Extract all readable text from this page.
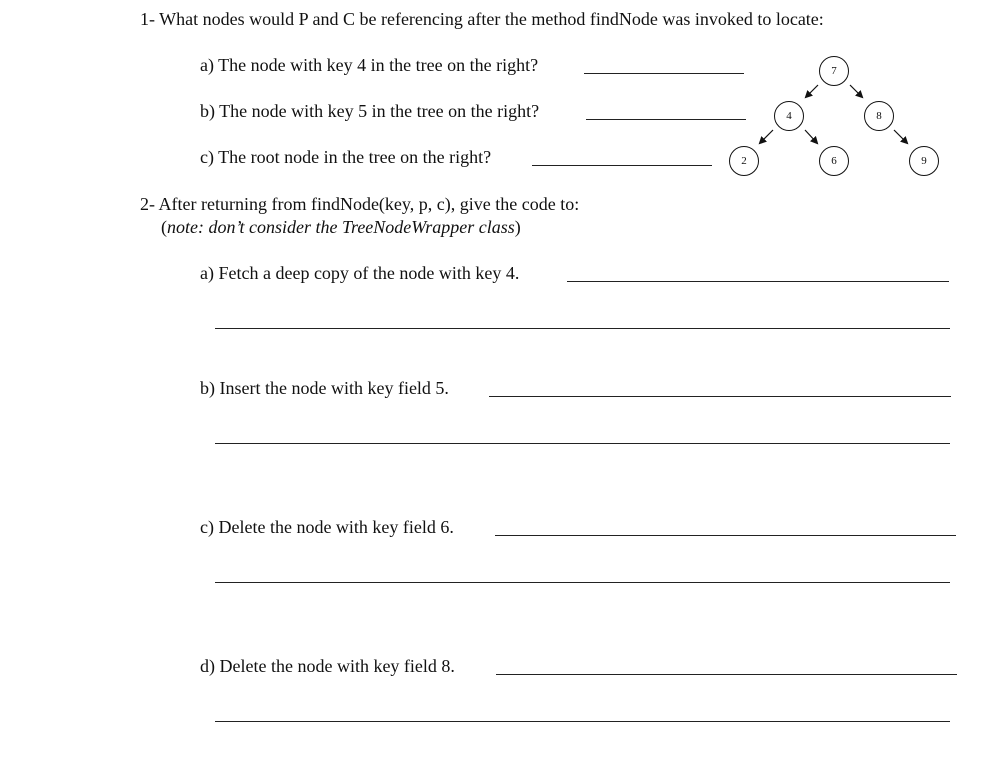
1- What nodes would P and C be referencing after the method findNode was invoked to locate:
a) The node with key 4 in the tree on the right?
b) The node with key 5 in the tree on the right?
c) The root node in the tree on the right?
7
4	8
2	6	9
2- After returning from findNode(key, p, c), give the code to:
(note: don’t consider the TreeNodeWrapper class)
a) Fetch a deep copy of the node with key 4.
b) Insert the node with key field 5.
c) Delete the node with key field 6.
d) Delete the node with key field 8.
